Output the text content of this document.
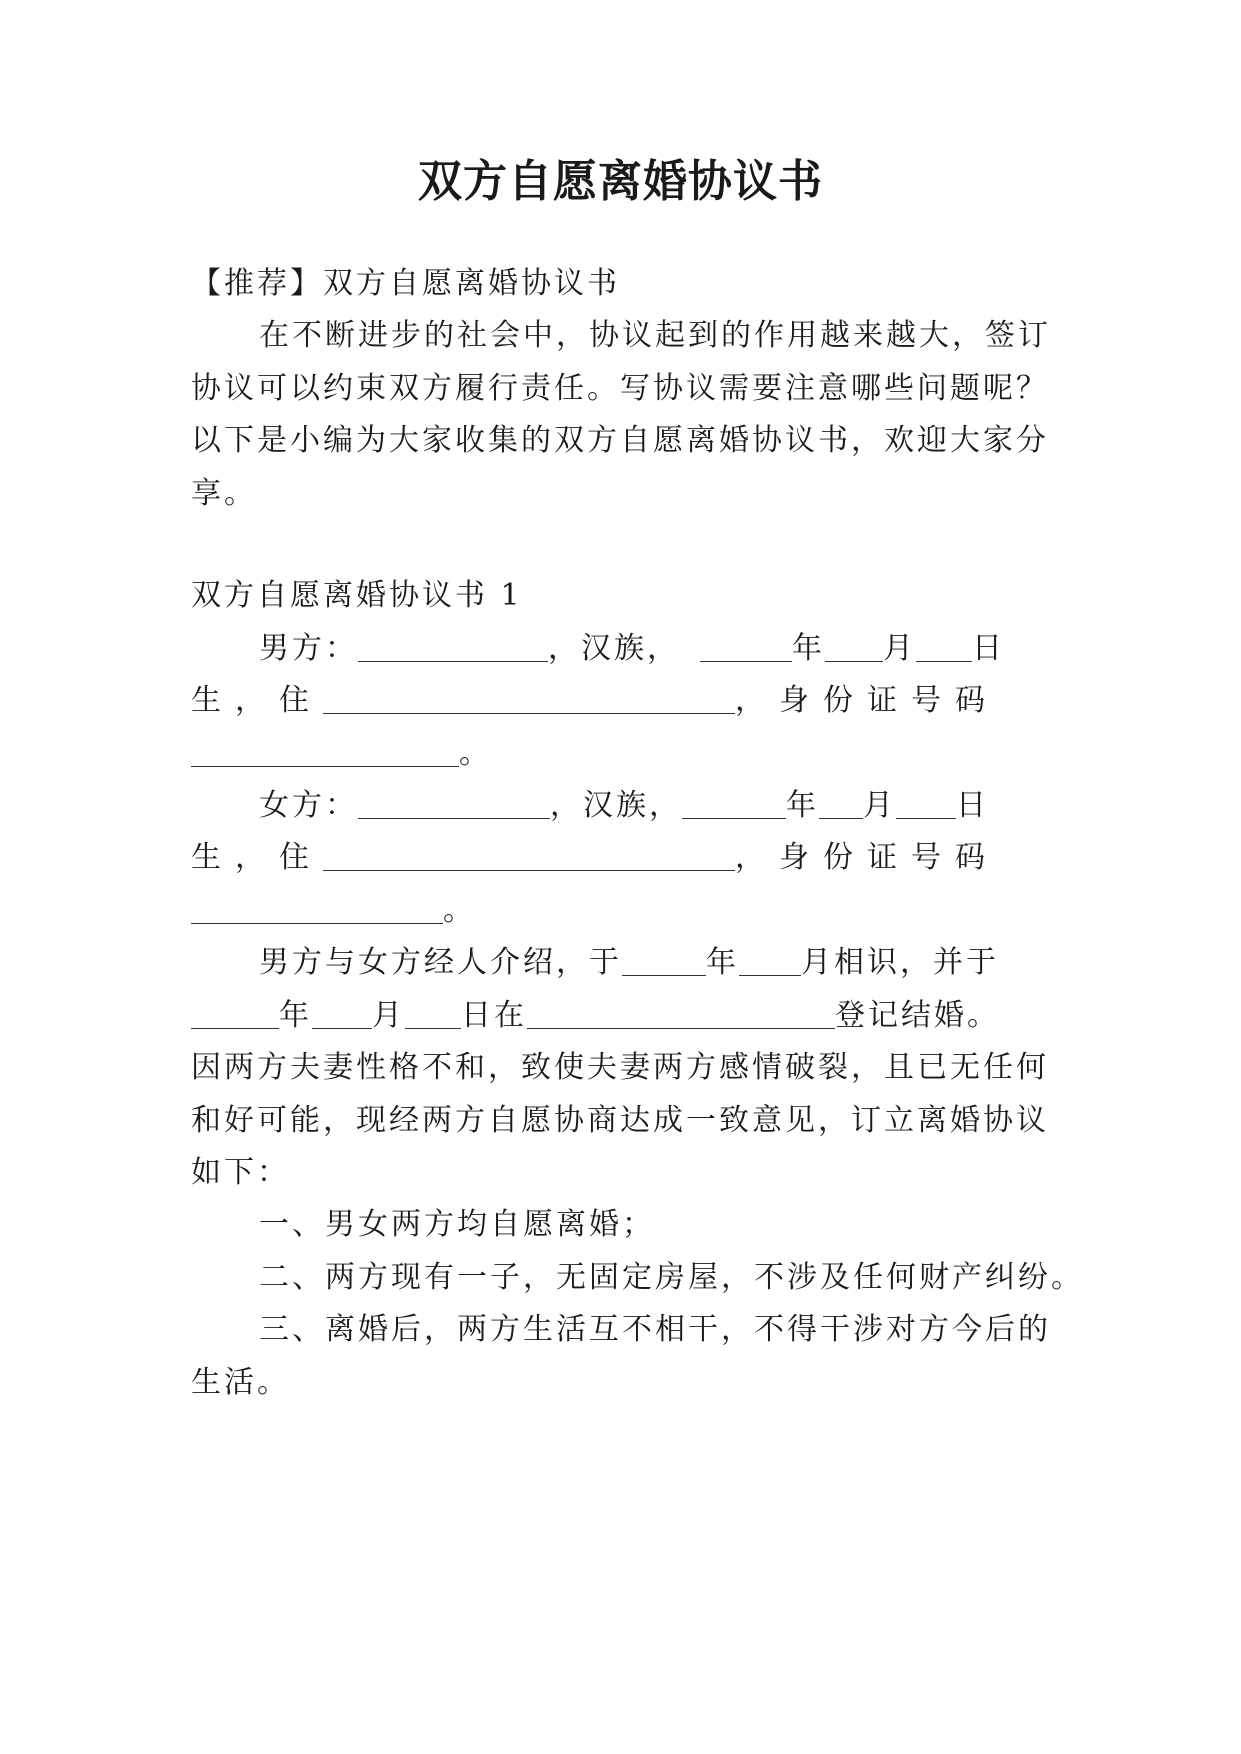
双方自愿离婚协议书
【推荐】双方自愿离婚协议书
在不断进步的社会中，协议起到的作用越来越大，签订
协议可以约束双方履行责任。写协议需要注意哪些问题呢？
以下是小编为大家收集的双方自愿离婚协议书，欢迎大家分
享。
双方自愿离婚协议书 1
男方：	，汉族，	年 月 日
生，住	，身份证号码
。
女方：	，汉族，	年 月 日
生，住	，身份证号码
。
男方与女方经人介绍，于	年 月相识，并于
年 月 日在	登记结婚。
因两方夫妻性格不和，致使夫妻两方感情破裂，且已无任何
和好可能，现经两方自愿协商达成一致意见，订立离婚协议
如下：
一、男女两方均自愿离婚；
二、两方现有一子，无固定房屋，不涉及任何财产纠纷。
三、离婚后，两方生活互不相干，不得干涉对方今后的
生活。
